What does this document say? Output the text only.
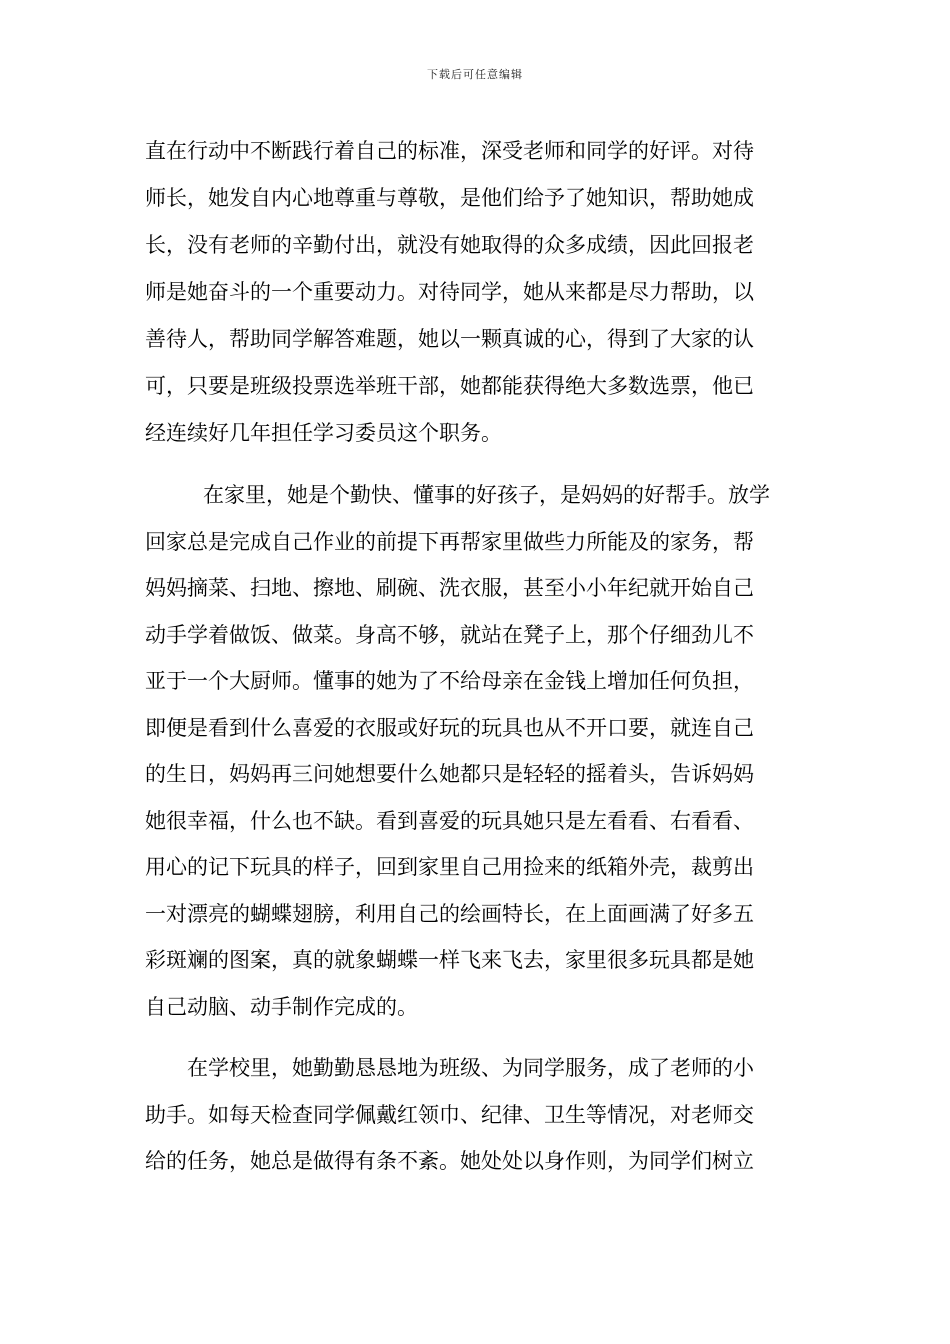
下载后可任意编辑
直在行动中不断践行着自己的标准，深受老师和同学的好评。对待
师长，她发自内心地尊重与尊敬，是他们给予了她知识，帮助她成
长，没有老师的辛勤付出，就没有她取得的众多成绩，因此回报老
师是她奋斗的一个重要动力。对待同学，她从来都是尽力帮助，以
善待人，帮助同学解答难题，她以一颗真诚的心，得到了大家的认
可，只要是班级投票选举班干部，她都能获得绝大多数选票，他已
经连续好几年担任学习委员这个职务。
在家里，她是个勤快、懂事的好孩子，是妈妈的好帮手。放学
回家总是完成自己作业的前提下再帮家里做些力所能及的家务，帮
妈妈摘菜、扫地、擦地、刷碗、洗衣服，甚至小小年纪就开始自己
动手学着做饭、做菜。身高不够，就站在凳子上，那个仔细劲儿不
亚于一个大厨师。懂事的她为了不给母亲在金钱上增加任何负担，
即便是看到什么喜爱的衣服或好玩的玩具也从不开口要，就连自己
的生日，妈妈再三问她想要什么她都只是轻轻的摇着头，告诉妈妈
她很幸福，什么也不缺。看到喜爱的玩具她只是左看看、右看看、
用心的记下玩具的样子，回到家里自己用捡来的纸箱外壳，裁剪出
一对漂亮的蝴蝶翅膀，利用自己的绘画特长，在上面画满了好多五
彩斑斓的图案，真的就象蝴蝶一样飞来飞去，家里很多玩具都是她
自己动脑、动手制作完成的。
在学校里，她勤勤恳恳地为班级、为同学服务，成了老师的小
助手。如每天检查同学佩戴红领巾、纪律、卫生等情况，对老师交
给的任务，她总是做得有条不紊。她处处以身作则，为同学们树立
